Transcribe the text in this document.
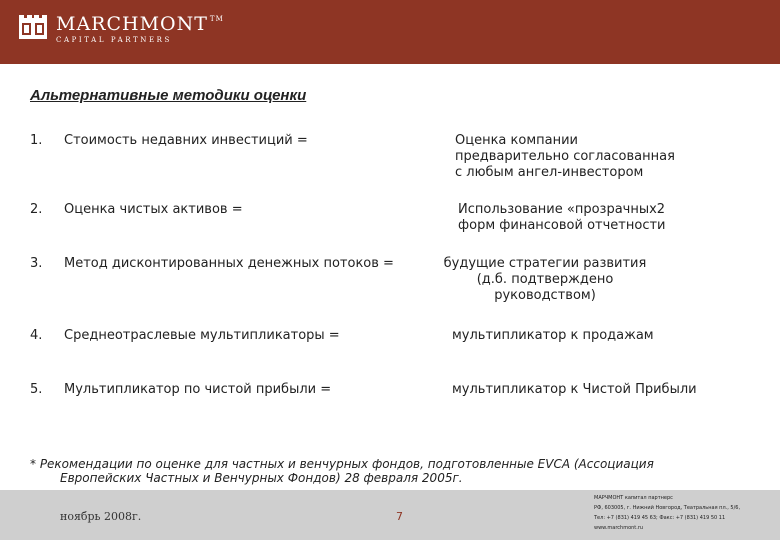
MARCHMONT TM
CAPITAL PARTNERS
Альтернативные методики оценки
1. Стоимость недавних инвестиций =	Оценка компании
предварительно согласованная
с любым ангел-инвестором
2. Оценка чистых активов =	Использование «прозрачных2
форм финансовой отчетности
3. Метод дисконтированных денежных потоков =	будущие стратегии развития
(д.б. подтверждено руководством)
4. Среднеотраслевые мультипликаторы =	мультипликатор к продажам
5. Мультипликатор по чистой прибыли =	мультипликатор к Чистой Прибыли
* Рекомендации по оценке для частных и венчурных фондов, подготовленные EVCA (Ассоциация
Европейских Частных и Венчурных Фондов) 28 февраля 2005г.
ноябрь 2008г.	7
МАРЧМОНТ капитал партнерс
РФ, 603005, г. Нижний Новгород, Театральная пл., 5/6,
Тел: +7 (831) 419 45 63; Факс: +7 (831) 419 50 11
www.marchmont.ru
